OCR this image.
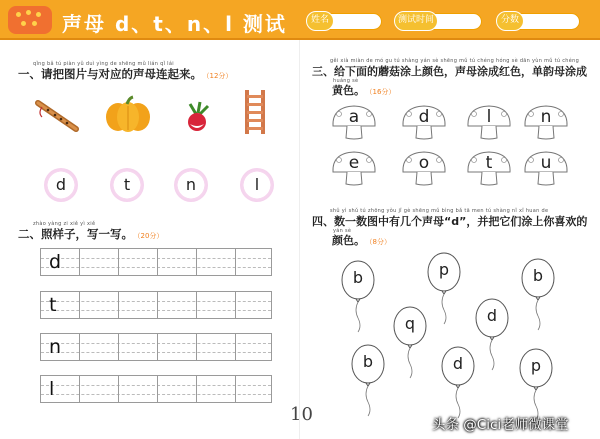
声母 d、t、n、l 测试	姓名	测试时间	分数
qǐng bǎ tú piàn yǔ duì yìng de shēng mǔ lián qǐ lái
一、请把图片与对应的声母连起来。 （12分）
d	t	n	l
zhào yàng zi xiě yì xiě
二、照样子，写一写。 （20分）
d
t
n
l
gěi xià miàn de mó gu tú shàng yán sè shēng mǔ tú chéng hóng sè dān yùn mǔ tú chéng
三、给下面的蘑菇涂上颜色，声母涂成红色，单韵母涂成
huáng sè
黄色。 （16分）
a	d	l	n
e	o	t	u
shǔ yì shǔ tú zhōng yǒu jǐ gè shēng mǔ bìng bǎ tā men tú shàng nǐ xǐ huan de
四、数一数图中有几个声母“d”，并把它们涂上你喜欢的
yán sè
颜色。 （8分）
b	p	b
q	d
b	d	p
10	头条 @Cici老师微课堂
